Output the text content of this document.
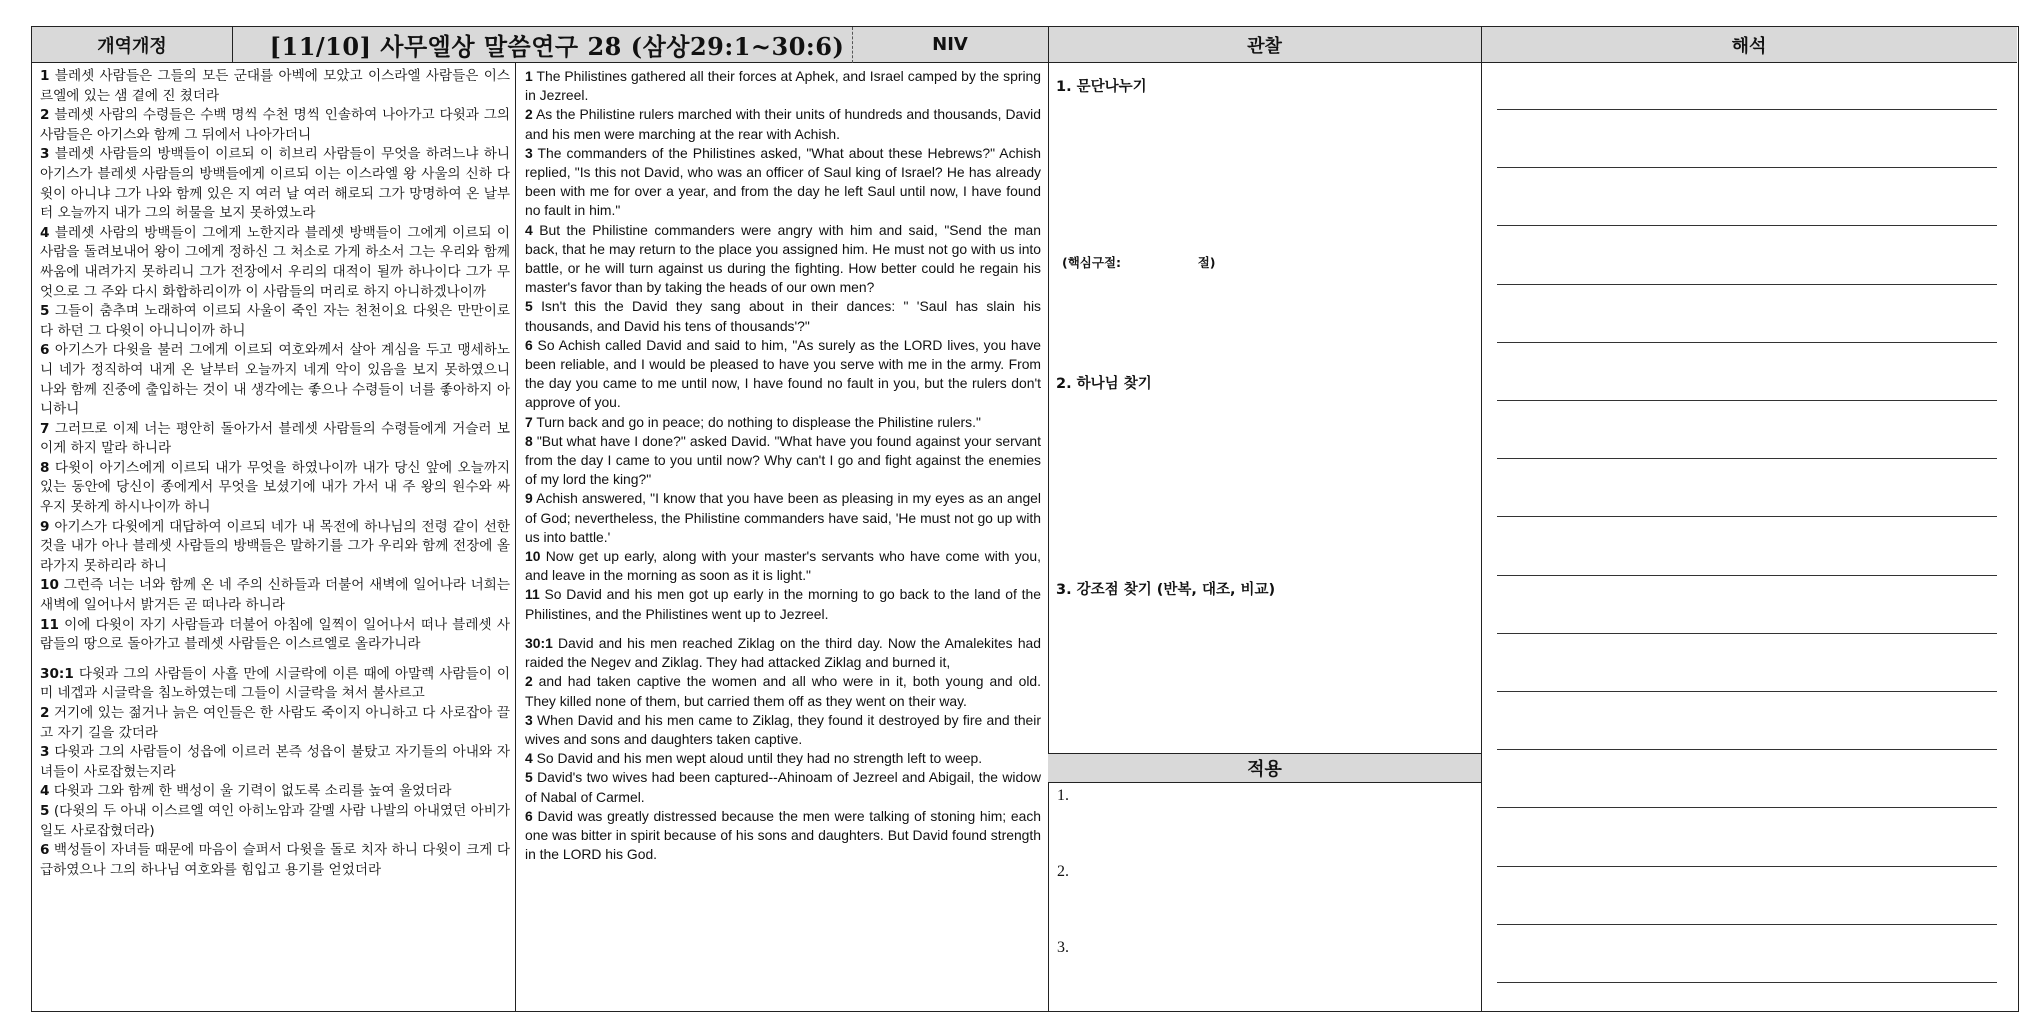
개역개정	[11/10] 사무엘상 말씀연구 28 (삼상29:1~30:6)	NIV	관찰	해석

1 블레셋 사람들은 그들의 모든 군대를 아벡에 모았고 이스라엘 사람들은 이스르엘에 있는 샘 곁에 진 쳤더라

2 블레셋 사람의 수령들은 수백 명씩 수천 명씩 인솔하여 나아가고 다윗과 그의 사람들은 아기스와 함께 그 뒤에서 나아가더니

3 블레셋 사람들의 방백들이 이르되 이 히브리 사람들이 무엇을 하려느냐 하니 아기스가 블레셋 사람들의 방백들에게 이르되 이는 이스라엘 왕 사울의 신하 다윗이 아니냐 그가 나와 함께 있은 지 여러 날 여러 해로되 그가 망명하여 온 날부터 오늘까지 내가 그의 허물을 보지 못하였노라

4 블레셋 사람의 방백들이 그에게 노한지라 블레셋 방백들이 그에게 이르되 이 사람을 돌려보내어 왕이 그에게 정하신 그 처소로 가게 하소서 그는 우리와 함께 싸움에 내려가지 못하리니 그가 전장에서 우리의 대적이 될까 하나이다 그가 무엇으로 그 주와 다시 화합하리이까 이 사람들의 머리로 하지 아니하겠나이까

5 그들이 춤추며 노래하여 이르되 사울이 죽인 자는 천천이요 다윗은 만만이로다 하던 그 다윗이 아니니이까 하니

6 아기스가 다윗을 불러 그에게 이르되 여호와께서 살아 계심을 두고 맹세하노니 네가 정직하여 내게 온 날부터 오늘까지 네게 악이 있음을 보지 못하였으니 나와 함께 진중에 출입하는 것이 내 생각에는 좋으나 수령들이 너를 좋아하지 아니하니

7 그러므로 이제 너는 평안히 돌아가서 블레셋 사람들의 수령들에게 거슬러 보이게 하지 말라 하니라

8 다윗이 아기스에게 이르되 내가 무엇을 하였나이까 내가 당신 앞에 오늘까지 있는 동안에 당신이 종에게서 무엇을 보셨기에 내가 가서 내 주 왕의 원수와 싸우지 못하게 하시나이까 하니

9 아기스가 다윗에게 대답하여 이르되 네가 내 목전에 하나님의 전령 같이 선한 것을 내가 아나 블레셋 사람들의 방백들은 말하기를 그가 우리와 함께 전장에 올라가지 못하리라 하니

10 그런즉 너는 너와 함께 온 네 주의 신하들과 더불어 새벽에 일어나라 너희는 새벽에 일어나서 밝거든 곧 떠나라 하니라

11 이에 다윗이 자기 사람들과 더불어 아침에 일찍이 일어나서 떠나 블레셋 사람들의 땅으로 돌아가고 블레셋 사람들은 이스르엘로 올라가니라

30:1 다윗과 그의 사람들이 사흘 만에 시글락에 이른 때에 아말렉 사람들이 이미 네겝과 시글락을 침노하였는데 그들이 시글락을 쳐서 불사르고

2 거기에 있는 젊거나 늙은 여인들은 한 사람도 죽이지 아니하고 다 사로잡아 끌고 자기 길을 갔더라

3 다윗과 그의 사람들이 성읍에 이르러 본즉 성읍이 불탔고 자기들의 아내와 자녀들이 사로잡혔는지라

4 다윗과 그와 함께 한 백성이 울 기력이 없도록 소리를 높여 울었더라

5 (다윗의 두 아내 이스르엘 여인 아히노암과 갈멜 사람 나발의 아내였던 아비가일도 사로잡혔더라)

6 백성들이 자녀들 때문에 마음이 슬퍼서 다윗을 돌로 치자 하니 다윗이 크게 다급하였으나 그의 하나님 여호와를 힘입고 용기를 얻었더라

1 The Philistines gathered all their forces at Aphek, and Israel camped by the spring in Jezreel.

2 As the Philistine rulers marched with their units of hundreds and thousands, David and his men were marching at the rear with Achish.

3 The commanders of the Philistines asked, "What about these Hebrews?" Achish replied, "Is this not David, who was an officer of Saul king of Israel? He has already been with me for over a year, and from the day he left Saul until now, I have found no fault in him."

4 But the Philistine commanders were angry with him and said, "Send the man back, that he may return to the place you assigned him. He must not go with us into battle, or he will turn against us during the fighting. How better could he regain his master's favor than by taking the heads of our own men?

5 Isn't this the David they sang about in their dances: " 'Saul has slain his thousands, and David his tens of thousands'?"

6 So Achish called David and said to him, "As surely as the LORD lives, you have been reliable, and I would be pleased to have you serve with me in the army. From the day you came to me until now, I have found no fault in you, but the rulers don't approve of you.

7 Turn back and go in peace; do nothing to displease the Philistine rulers."

8 "But what have I done?" asked David. "What have you found against your servant from the day I came to you until now? Why can't I go and fight against the enemies of my lord the king?"

9 Achish answered, "I know that you have been as pleasing in my eyes as an angel of God; nevertheless, the Philistine commanders have said, 'He must not go up with us into battle.'

10 Now get up early, along with your master's servants who have come with you, and leave in the morning as soon as it is light."

11 So David and his men got up early in the morning to go back to the land of the Philistines, and the Philistines went up to Jezreel.

30:1 David and his men reached Ziklag on the third day. Now the Amalekites had raided the Negev and Ziklag. They had attacked Ziklag and burned it,

2 and had taken captive the women and all who were in it, both young and old. They killed none of them, but carried them off as they went on their way.

3 When David and his men came to Ziklag, they found it destroyed by fire and their wives and sons and daughters taken captive.

4 So David and his men wept aloud until they had no strength left to weep.

5 David's two wives had been captured--Ahinoam of Jezreel and Abigail, the widow of Nabal of Carmel.

6 David was greatly distressed because the men were talking of stoning him; each one was bitter in spirit because of his sons and daughters. But David found strength in the LORD his God.

1. 문단나누기
(핵심구절:	절)
2. 하나님 찾기
3. 강조점 찾기 (반복, 대조, 비교)
적용
1.
2.
3.
